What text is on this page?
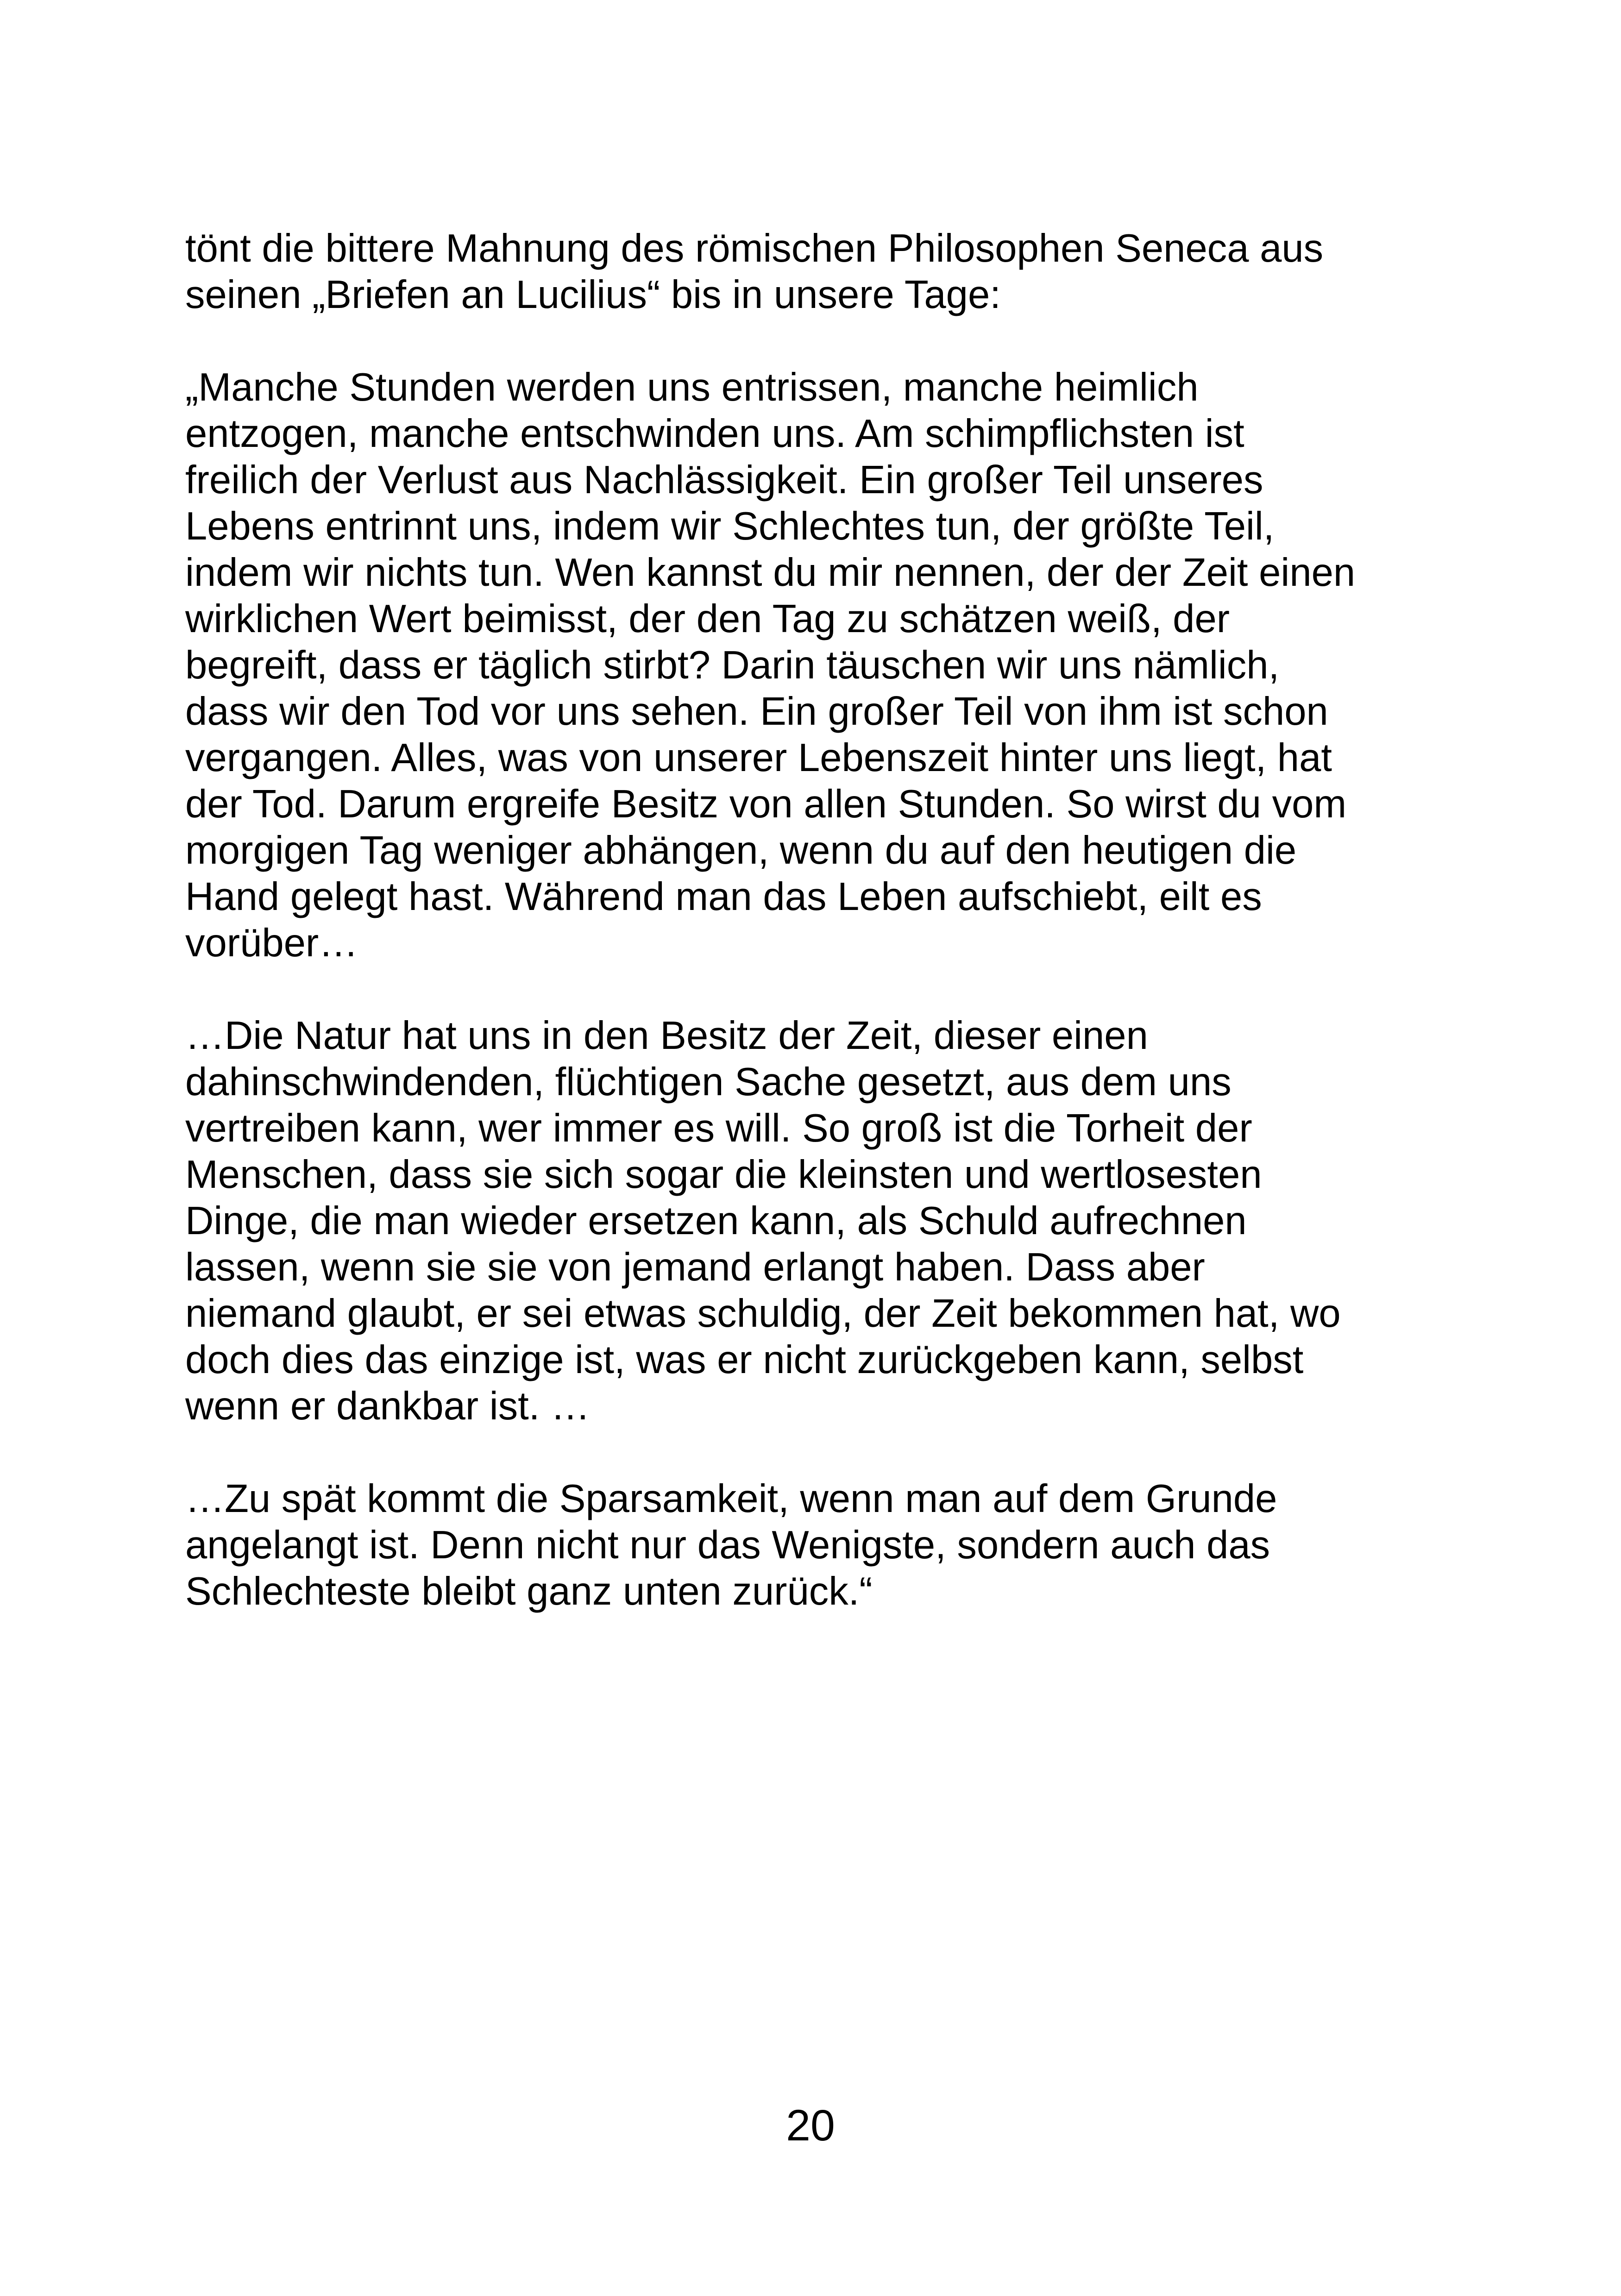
tönt die bittere Mahnung des römischen Philosophen Seneca aus
seinen „Briefen an Lucilius“ bis in unsere Tage:

„Manche Stunden werden uns entrissen, manche heimlich
entzogen, manche entschwinden uns. Am schimpflichsten ist
freilich der Verlust aus Nachlässigkeit. Ein großer Teil unseres
Lebens entrinnt uns, indem wir Schlechtes tun, der größte Teil,
indem wir nichts tun. Wen kannst du mir nennen, der der Zeit einen
wirklichen Wert beimisst, der den Tag zu schätzen weiß, der
begreift, dass er täglich stirbt? Darin täuschen wir uns nämlich,
dass wir den Tod vor uns sehen. Ein großer Teil von ihm ist schon
vergangen. Alles, was von unserer Lebenszeit hinter uns liegt, hat
der Tod. Darum ergreife Besitz von allen Stunden. So wirst du vom
morgigen Tag weniger abhängen, wenn du auf den heutigen die
Hand gelegt hast. Während man das Leben aufschiebt, eilt es
vorüber…

…Die Natur hat uns in den Besitz der Zeit, dieser einen
dahinschwindenden, flüchtigen Sache gesetzt, aus dem uns
vertreiben kann, wer immer es will. So groß ist die Torheit der
Menschen, dass sie sich sogar die kleinsten und wertlosesten
Dinge, die man wieder ersetzen kann, als Schuld aufrechnen
lassen, wenn sie sie von jemand erlangt haben. Dass aber
niemand glaubt, er sei etwas schuldig, der Zeit bekommen hat, wo
doch dies das einzige ist, was er nicht zurückgeben kann, selbst
wenn er dankbar ist. …

…Zu spät kommt die Sparsamkeit, wenn man auf dem Grunde
angelangt ist. Denn nicht nur das Wenigste, sondern auch das
Schlechteste bleibt ganz unten zurück.“

20
